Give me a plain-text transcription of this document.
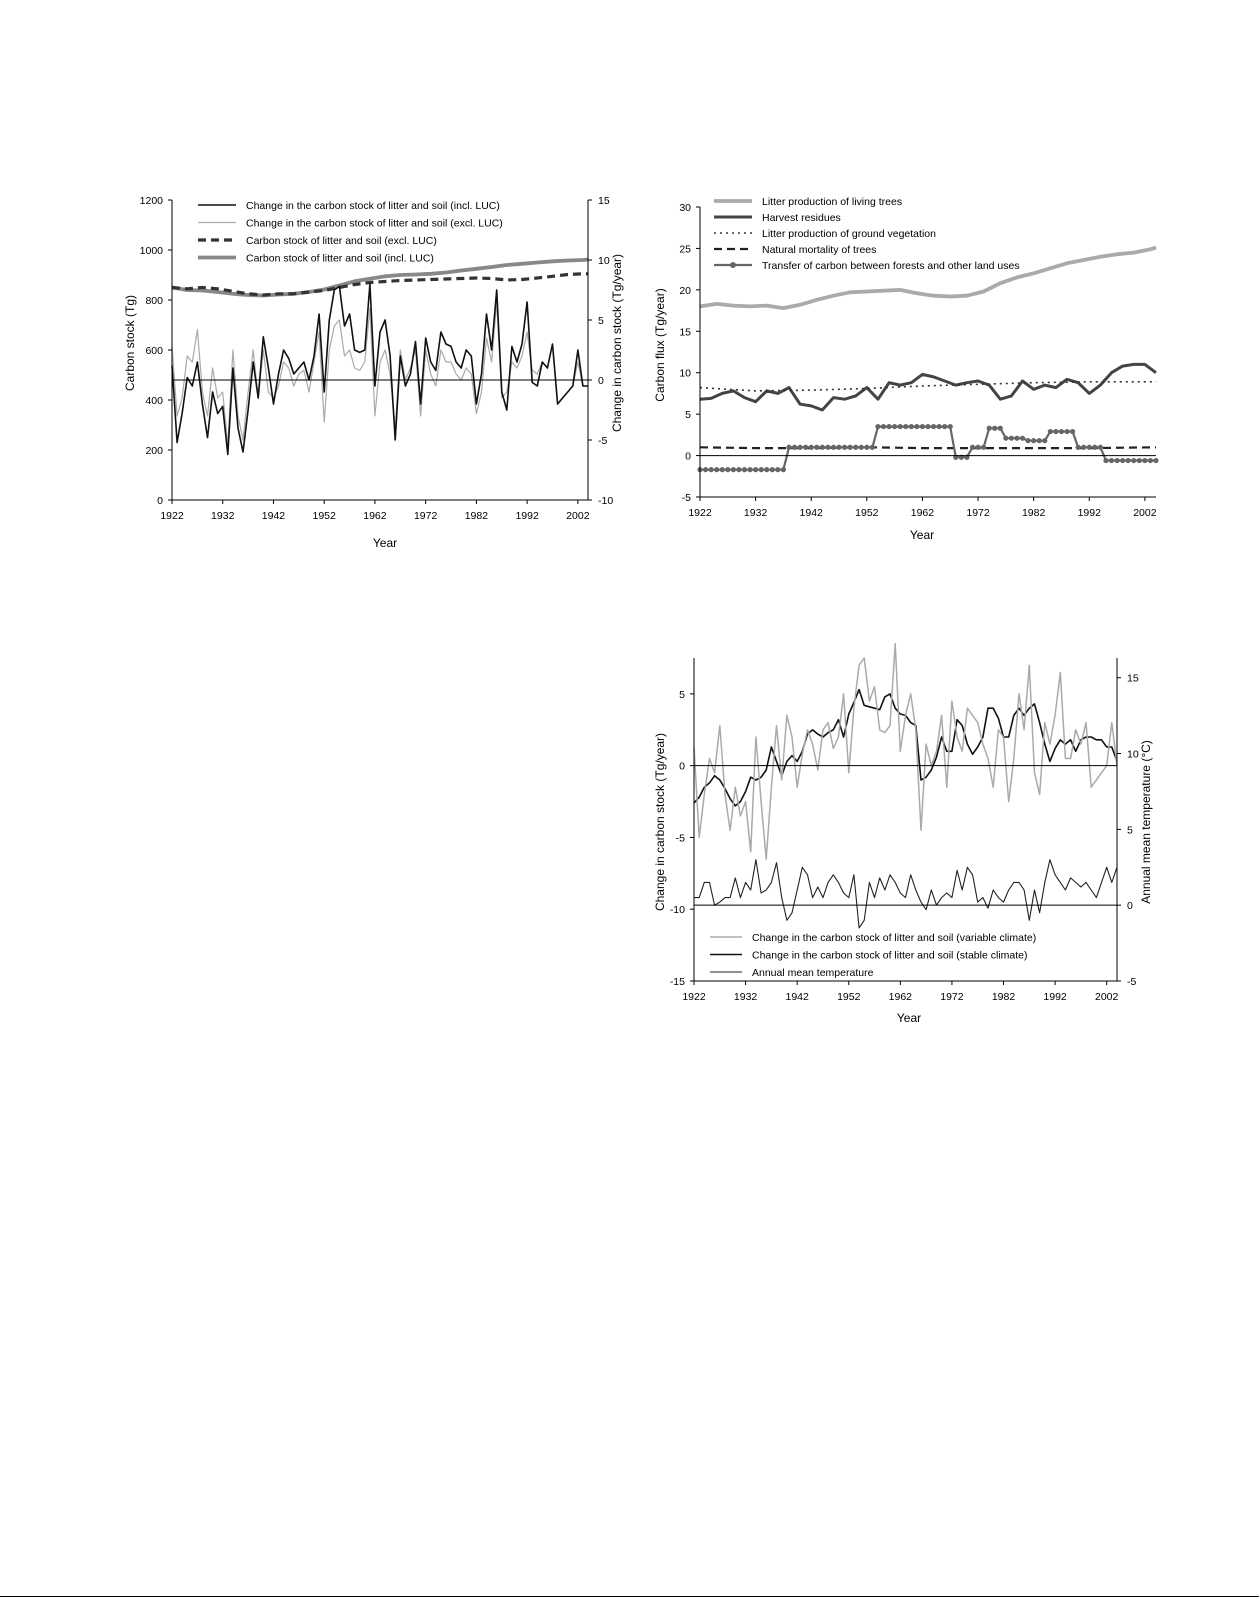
1922	1932	1942	1952	1962	1972	1982	1992	2002
0
200
400
600
800
1000
1200
-10
-5
0
5
10
15
Year
Carbon stock (Tg)	Change in carbon stock (Tg/year)
Change in the carbon stock of litter and soil (incl. LUC)
Change in the carbon stock of litter and soil (excl. LUC)
Carbon stock of litter and soil (excl. LUC)
Carbon stock of litter and soil (incl. LUC)
1922	1932	1942	1952	1962	1972	1982	1992	2002
-5
0
5
10
15
20
25
30
Year
Carbon flux (Tg/year)
Litter production of living trees
Harvest residues
Litter production of ground vegetation
Natural mortality of trees
Transfer of carbon between forests and other land uses
1922	1932	1942	1952	1962	1972	1982	1992	2002
-15
-10
-5
0
5
-5
0
5
10
15
Year
Change in carbon stock (Tg/year)	Annual mean temperature (°C)
Change in the carbon stock of litter and soil (variable climate)
Change in the carbon stock of litter and soil (stable climate)
Annual mean temperature
